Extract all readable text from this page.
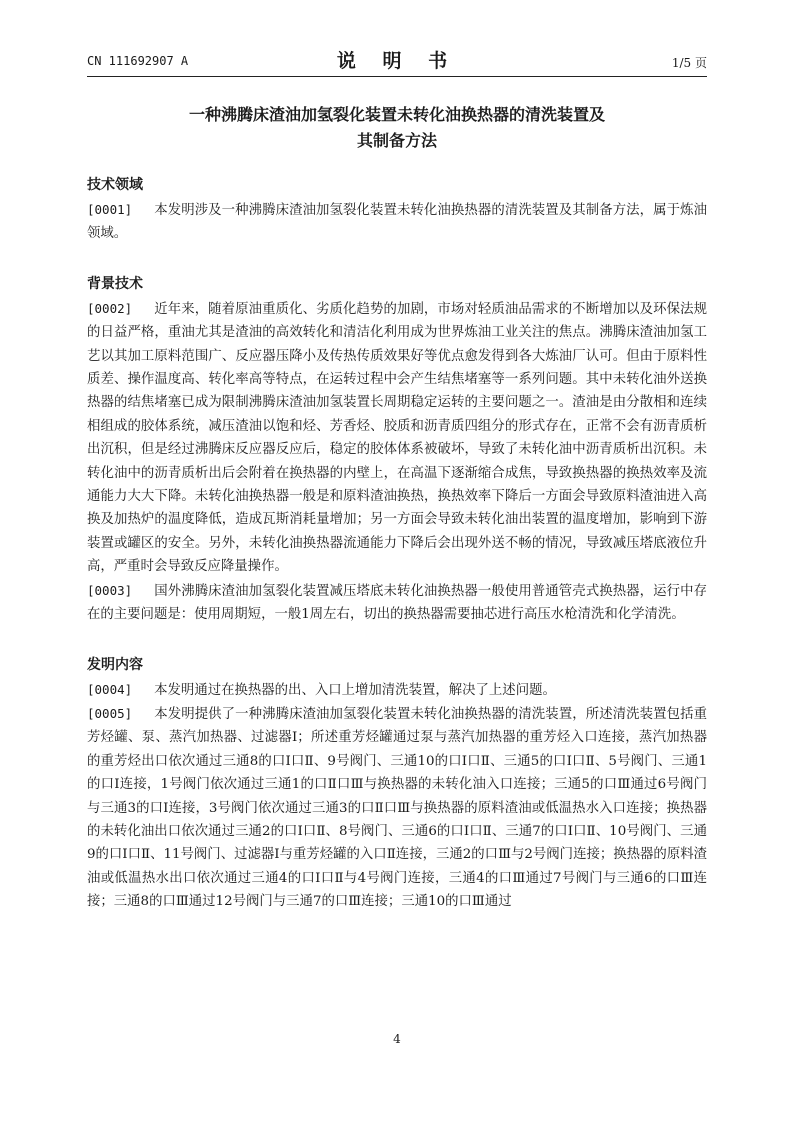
CN 111692907 A	说 明 书	1/5 页
一种沸腾床渣油加氢裂化装置未转化油换热器的清洗装置及
其制备方法
技术领域

[0001] 本发明涉及一种沸腾床渣油加氢裂化装置未转化油换热器的清洗装置及其制备方法，属于炼油领域。

背景技术

[0002] 近年来，随着原油重质化、劣质化趋势的加剧，市场对轻质油品需求的不断增加以及环保法规的日益严格，重油尤其是渣油的高效转化和清洁化利用成为世界炼油工业关注的焦点。沸腾床渣油加氢工艺以其加工原料范围广、反应器压降小及传热传质效果好等优点愈发得到各大炼油厂认可。但由于原料性质差、操作温度高、转化率高等特点，在运转过程中会产生结焦堵塞等一系列问题。其中未转化油外送换热器的结焦堵塞已成为限制沸腾床渣油加氢装置长周期稳定运转的主要问题之一。渣油是由分散相和连续相组成的胶体系统，减压渣油以饱和烃、芳香烃、胶质和沥青质四组分的形式存在，正常不会有沥青质析出沉积，但是经过沸腾床反应器反应后，稳定的胶体体系被破坏，导致了未转化油中沥青质析出沉积。未转化油中的沥青质析出后会附着在换热器的内壁上，在高温下逐渐缩合成焦，导致换热器的换热效率及流通能力大大下降。未转化油换热器一般是和原料渣油换热，换热效率下降后一方面会导致原料渣油进入高换及加热炉的温度降低，造成瓦斯消耗量增加；另一方面会导致未转化油出装置的温度增加，影响到下游装置或罐区的安全。另外，未转化油换热器流通能力下降后会出现外送不畅的情况，导致减压塔底液位升高，严重时会导致反应降量操作。

[0003] 国外沸腾床渣油加氢裂化装置减压塔底未转化油换热器一般使用普通管壳式换热器，运行中存在的主要问题是：使用周期短，一般1周左右，切出的换热器需要抽芯进行高压水枪清洗和化学清洗。

发明内容

[0004] 本发明通过在换热器的出、入口上增加清洗装置，解决了上述问题。

[0005] 本发明提供了一种沸腾床渣油加氢裂化装置未转化油换热器的清洗装置，所述清洗装置包括重芳烃罐、泵、蒸汽加热器、过滤器I；所述重芳烃罐通过泵与蒸汽加热器的重芳烃入口连接，蒸汽加热器的重芳烃出口依次通过三通8的口I口Ⅱ、9号阀门、三通10的口I口Ⅱ、三通5的口I口Ⅱ、5号阀门、三通1的口I连接，1号阀门依次通过三通1的口Ⅱ口Ⅲ与换热器的未转化油入口连接；三通5的口Ⅲ通过6号阀门与三通3的口I连接，3号阀门依次通过三通3的口Ⅱ口Ⅲ与换热器的原料渣油或低温热水入口连接；换热器的未转化油出口依次通过三通2的口I口Ⅱ、8号阀门、三通6的口I口Ⅱ、三通7的口I口Ⅱ、10号阀门、三通9的口I口Ⅱ、11号阀门、过滤器I与重芳烃罐的入口Ⅱ连接，三通2的口Ⅲ与2号阀门连接；换热器的原料渣油或低温热水出口依次通过三通4的口I口Ⅱ与4号阀门连接，三通4的口Ⅲ通过7号阀门与三通6的口Ⅲ连接；三通8的口Ⅲ通过12号阀门与三通7的口Ⅲ连接；三通10的口Ⅲ通过

4
